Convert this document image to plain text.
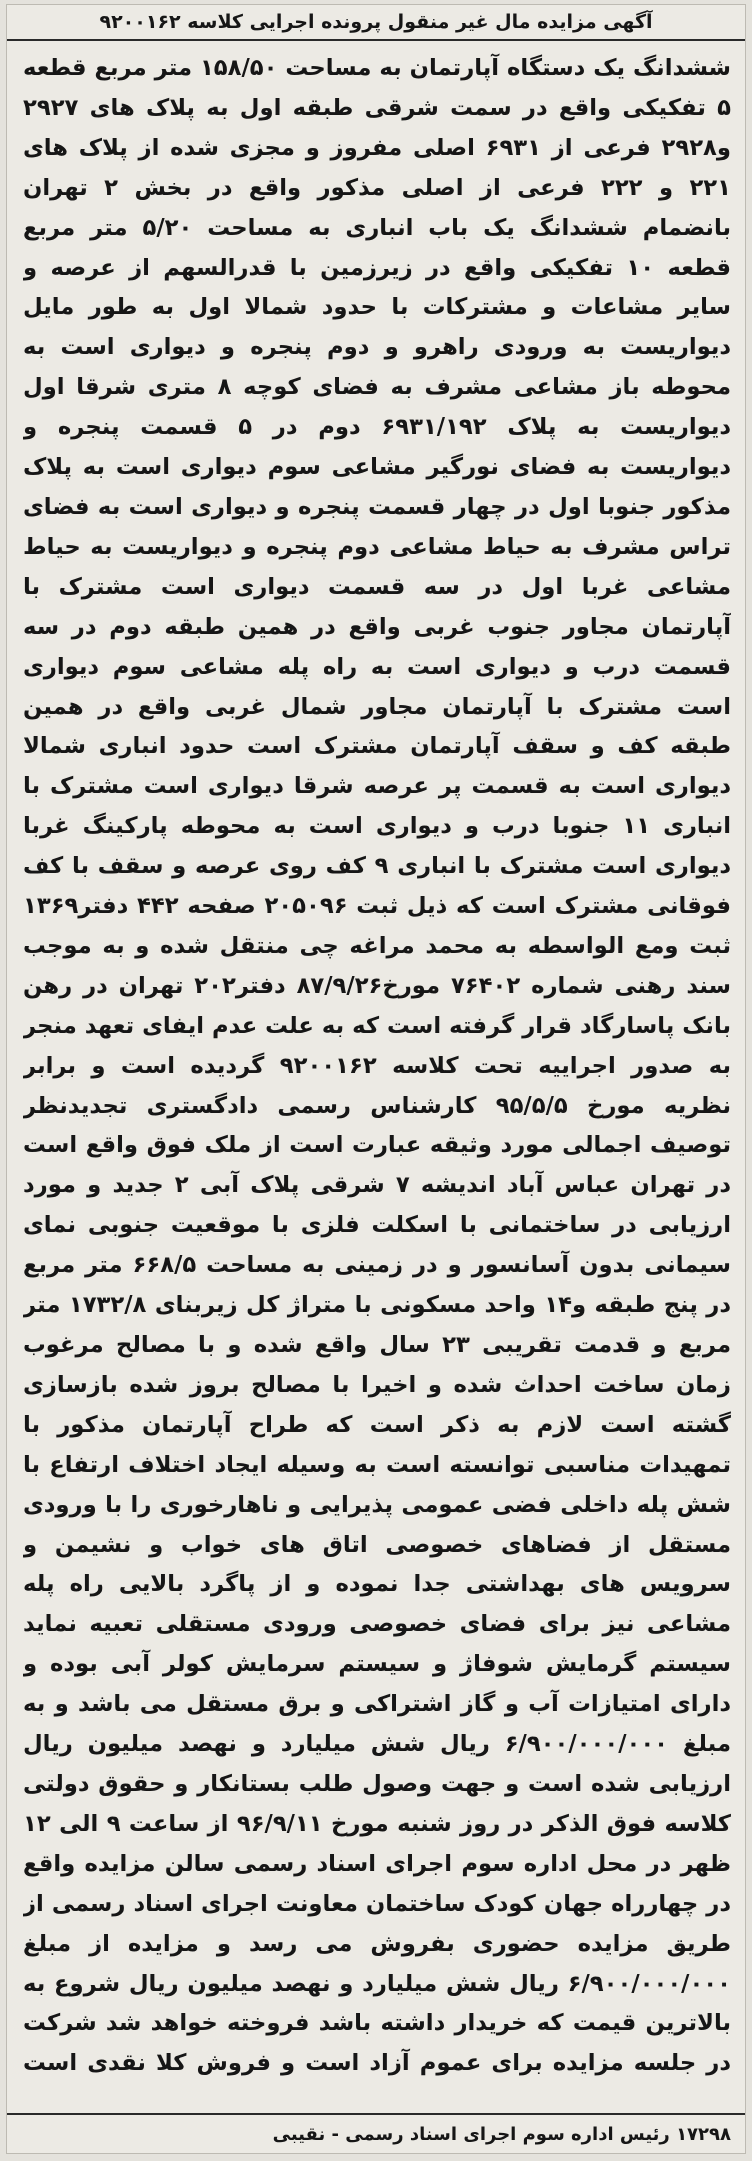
آگهی مزایده مال غیر منقول پرونده اجرایی کلاسه ۹۲۰۰۱۶۲

ششدانگ یک دستگاه آپارتمان به مساحت ۱۵۸/۵۰ متر مربع قطعه ۵ تفکیکی واقع در سمت شرقی طبقه اول به پلاک های ۲۹۲۷ و۲۹۲۸ فرعی از ۶۹۳۱ اصلی مفروز و مجزی شده از پلاک های ۲۲۱ و ۲۲۲ فرعی از اصلی مذکور واقع در بخش ۲ تهران بانضمام ششدانگ یک باب انباری به مساحت ۵/۲۰ متر مربع قطعه ۱۰ تفکیکی واقع در زیرزمین با قدرالسهم از عرصه و سایر مشاعات و مشترکات با حدود شمالا اول به طور مایل دیواریست به ورودی راهرو و دوم پنجره و دیواری است به محوطه باز مشاعی مشرف به فضای کوچه ۸ متری شرقا اول دیواریست به پلاک ۶۹۳۱/۱۹۲ دوم در ۵ قسمت پنجره و دیواریست به فضای نورگیر مشاعی سوم دیواری است به پلاک مذکور جنوبا اول در چهار قسمت پنجره و دیواری است به فضای تراس مشرف به حیاط مشاعی دوم پنجره و دیواریست به حیاط مشاعی غربا اول در سه قسمت دیواری است مشترک با آپارتمان مجاور جنوب غربی واقع در همین طبقه دوم در سه قسمت درب و دیواری است به راه پله مشاعی سوم دیواری است مشترک با آپارتمان مجاور شمال غربی واقع در همین طبقه کف و سقف آپارتمان مشترک است حدود انباری شمالا دیواری است به قسمت پر عرصه شرقا دیواری است مشترک با انباری ۱۱ جنوبا درب و دیواری است به محوطه پارکینگ غربا دیواری است مشترک با انباری ۹ کف روی عرصه و سقف با کف فوقانی مشترک است که ذیل ثبت ۲۰۵۰۹۶ صفحه ۴۴۲ دفتر۱۳۶۹ ثبت ومع الواسطه به محمد مراغه چی منتقل شده و به موجب سند رهنی شماره ۷۶۴۰۲ مورخ۸۷/۹/۲۶ دفتر۲۰۲ تهران در رهن بانک پاسارگاد قرار گرفته است که به علت عدم ایفای تعهد منجر به صدور اجراییه تحت کلاسه ۹۲۰۰۱۶۲ گردیده است و برابر نظریه مورخ ۹۵/۵/۵ کارشناس رسمی دادگستری تجدیدنظر توصیف اجمالی مورد وثیقه عبارت است از ملک فوق واقع است در تهران عباس آباد اندیشه ۷ شرقی پلاک آبی ۲ جدید و مورد ارزیابی در ساختمانی با اسکلت فلزی با موقعیت جنوبی نمای سیمانی بدون آسانسور و در زمینی به مساحت ۶۶۸/۵ متر مربع در پنج طبقه و۱۴ واحد مسکونی با متراژ کل زیربنای ۱۷۳۲/۸ متر مربع و قدمت تقریبی ۲۳ سال واقع شده و با مصالح مرغوب زمان ساخت احداث شده و اخیرا با مصالح بروز شده بازسازی گشته است لازم به ذکر است که طراح آپارتمان مذکور با تمهیدات مناسبی توانسته است به وسیله ایجاد اختلاف ارتفاع با شش پله داخلی فضی عمومی پذیرایی و ناهارخوری را با ورودی مستقل از فضاهای خصوصی اتاق های خواب و نشیمن و سرویس های بهداشتی جدا نموده و از پاگرد بالایی راه پله مشاعی نیز برای فضای خصوصی ورودی مستقلی تعبیه نماید سیستم گرمایش شوفاژ و سیستم سرمایش کولر آبی بوده و دارای امتیازات آب و گاز اشتراکی و برق مستقل می باشد و به مبلغ ۶/۹۰۰/۰۰۰/۰۰۰ ریال شش میلیارد و نهصد میلیون ریال ارزیابی شده است و جهت وصول طلب بستانکار و حقوق دولتی کلاسه فوق الذکر در روز شنبه مورخ ۹۶/۹/۱۱ از ساعت ۹ الی ۱۲ ظهر در محل اداره سوم اجرای اسناد رسمی سالن مزایده واقع در چهارراه جهان کودک ساختمان معاونت اجرای اسناد رسمی از طریق مزایده حضوری بفروش می رسد و مزایده از مبلغ ۶/۹۰۰/۰۰۰/۰۰۰ ریال شش میلیارد و نهصد میلیون ریال شروع به بالاترین قیمت که خریدار داشته باشد فروخته خواهد شد شرکت در جلسه مزایده برای عموم آزاد است و فروش کلا نقدی است

۱۷۲۹۸ رئیس اداره سوم اجرای اسناد رسمی - نقیبی
